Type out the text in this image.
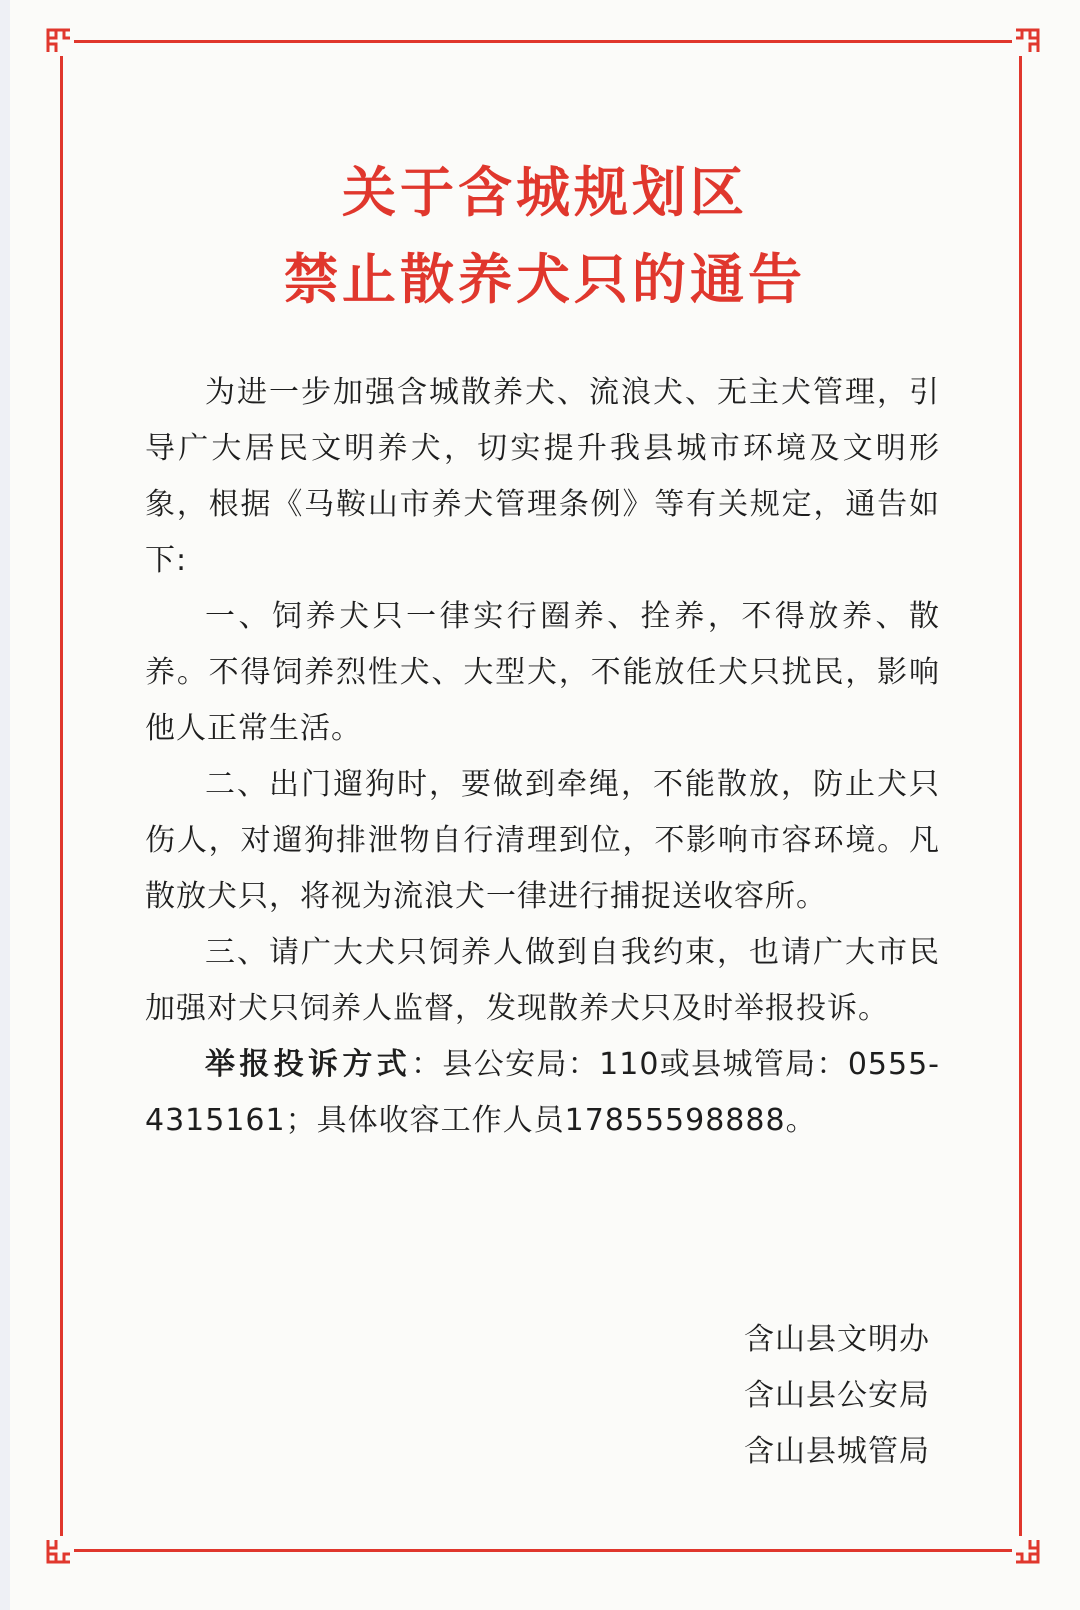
关于含城规划区
禁止散养犬只的通告

为进一步加强含城散养犬、流浪犬、无主犬管理，引导广大居民文明养犬，切实提升我县城市环境及文明形象，根据《马鞍山市养犬管理条例》等有关规定，通告如下:

一、饲养犬只一律实行圈养、拴养，不得放养、散养。不得饲养烈性犬、大型犬，不能放任犬只扰民，影响他人正常生活。

二、出门遛狗时，要做到牵绳，不能散放，防止犬只伤人，对遛狗排泄物自行清理到位，不影响市容环境。凡散放犬只，将视为流浪犬一律进行捕捉送收容所。

三、请广大犬只饲养人做到自我约束，也请广大市民加强对犬只饲养人监督，发现散养犬只及时举报投诉。

举报投诉方式：县公安局：110或县城管局：0555-4315161；具体收容工作人员17855598888。

含山县文明办
含山县公安局
含山县城管局
